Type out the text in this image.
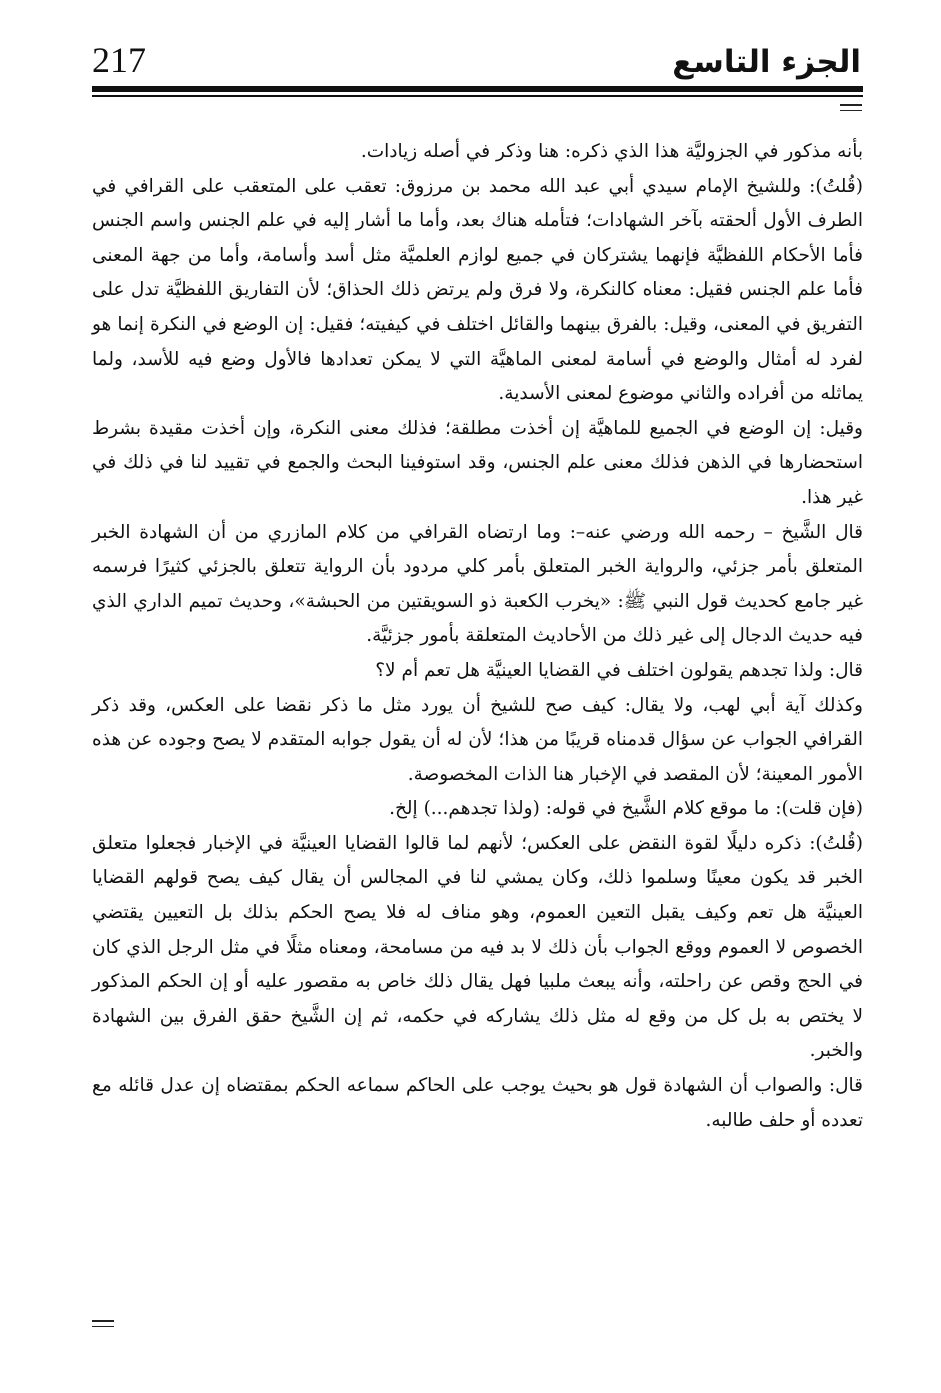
217	الجزء التاسع

بأنه مذكور في الجزوليَّة هذا الذي ذكره: هنا وذكر في أصله زيادات.

(قُلتُ): وللشيخ الإمام سيدي أبي عبد الله محمد بن مرزوق: تعقب على المتعقب على القرافي في الطرف الأول ألحقته بآخر الشهادات؛ فتأمله هناك بعد، وأما ما أشار إليه في علم الجنس واسم الجنس فأما الأحكام اللفظيَّة فإنهما يشتركان في جميع لوازم العلميَّة مثل أسد وأسامة، وأما من جهة المعنى فأما علم الجنس فقيل: معناه كالنكرة، ولا فرق ولم يرتض ذلك الحذاق؛ لأن التفاريق اللفظيَّة تدل على التفريق في المعنى، وقيل: بالفرق بينهما والقائل اختلف في كيفيته؛ فقيل: إن الوضع في النكرة إنما هو لفرد له أمثال والوضع في أسامة لمعنى الماهيَّة التي لا يمكن تعدادها فالأول وضع فيه للأسد، ولما يماثله من أفراده والثاني موضوع لمعنى الأسدية.

وقيل: إن الوضع في الجميع للماهيَّة إن أخذت مطلقة؛ فذلك معنى النكرة، وإن أخذت مقيدة بشرط استحضارها في الذهن فذلك معنى علم الجنس، وقد استوفينا البحث والجمع في تقييد لنا في ذلك في غير هذا.

قال الشَّيخ – رحمه الله ورضي عنه–: وما ارتضاه القرافي من كلام المازري من أن الشهادة الخبر المتعلق بأمر جزئي، والرواية الخبر المتعلق بأمر كلي مردود بأن الرواية تتعلق بالجزئي كثيرًا فرسمه غير جامع كحديث قول النبي ﷺ: «يخرب الكعبة ذو السويقتين من الحبشة»، وحديث تميم الداري الذي فيه حديث الدجال إلى غير ذلك من الأحاديث المتعلقة بأمور جزئيَّة.

قال: ولذا تجدهم يقولون اختلف في القضايا العينيَّة هل تعم أم لا؟

وكذلك آية أبي لهب، ولا يقال: كيف صح للشيخ أن يورد مثل ما ذكر نقضا على العكس، وقد ذكر القرافي الجواب عن سؤال قدمناه قريبًا من هذا؛ لأن له أن يقول جوابه المتقدم لا يصح وجوده عن هذه الأمور المعينة؛ لأن المقصد في الإخبار هنا الذات المخصوصة.

(فإن قلت): ما موقع كلام الشَّيخ في قوله: (ولذا تجدهم...) إلخ.

(قُلتُ): ذكره دليلًا لقوة النقض على العكس؛ لأنهم لما قالوا القضايا العينيَّة في الإخبار فجعلوا متعلق الخبر قد يكون معينًا وسلموا ذلك، وكان يمشي لنا في المجالس أن يقال كيف يصح قولهم القضايا العينيَّة هل تعم وكيف يقبل التعين العموم، وهو مناف له فلا يصح الحكم بذلك بل التعيين يقتضي الخصوص لا العموم ووقع الجواب بأن ذلك لا بد فيه من مسامحة، ومعناه مثلًا في مثل الرجل الذي كان في الحج وقص عن راحلته، وأنه يبعث ملبيا فهل يقال ذلك خاص به مقصور عليه أو إن الحكم المذكور لا يختص به بل كل من وقع له مثل ذلك يشاركه في حكمه، ثم إن الشَّيخ حقق الفرق بين الشهادة والخبر.

قال: والصواب أن الشهادة قول هو بحيث يوجب على الحاكم سماعه الحكم بمقتضاه إن عدل قائله مع تعدده أو حلف طالبه.
